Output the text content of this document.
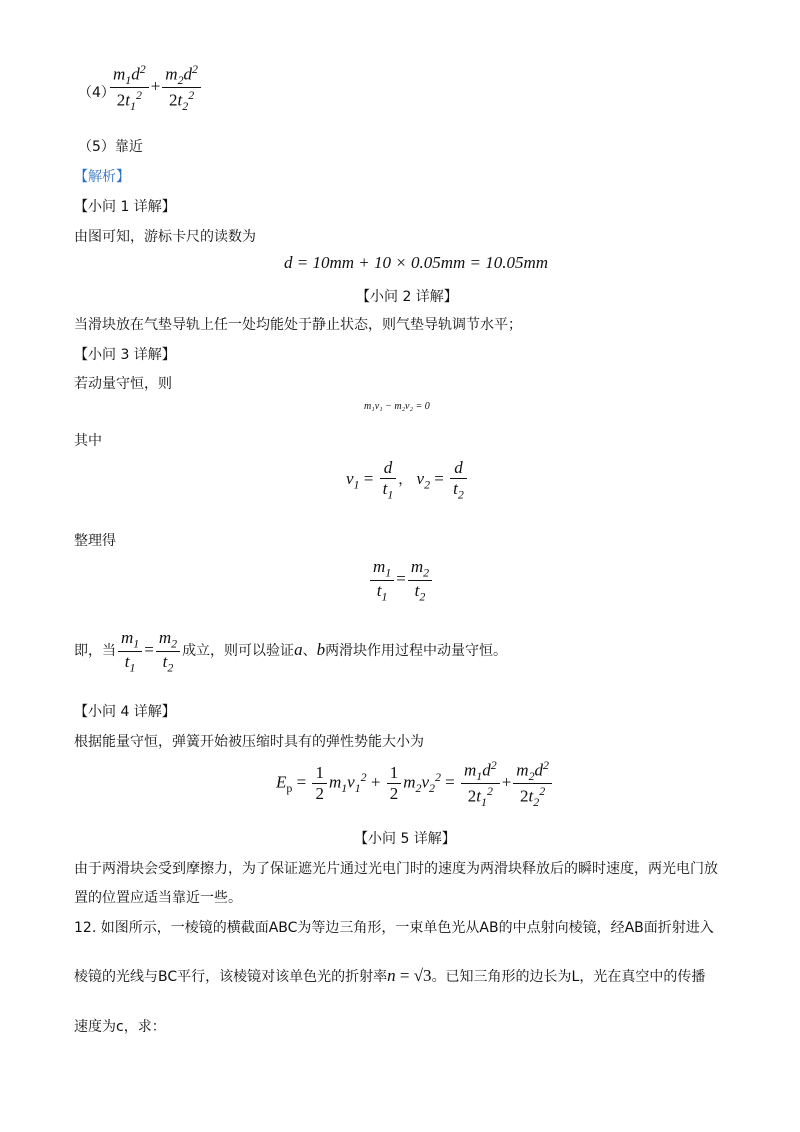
（4）
$\frac{m_1d^2}{2t_1^2} + \frac{m_2d^2}{2t_2^2}$
（5）靠近
【解析】
【小问 1 详解】
由图可知，游标卡尺的读数为
d = 10mm + 10 × 0.05mm = 10.05mm
【小问 2 详解】
当滑块放在气垫导轨上任一处均能处于静止状态，则气垫导轨调节水平；
【小问 3 详解】
若动量守恒，则
m₁v₁ − m₂v₂ = 0
其中
$v_1 = \frac{d}{t_1}$ ， $v_2 = \frac{d}{t_2}$
整理得
$\frac{m_1}{t_1} = \frac{m_2}{t_2}$
即，当 $\frac{m_1}{t_1} = \frac{m_2}{t_2}$ 成立，则可以验证a、b两滑块作用过程中动量守恒。
【小问 4 详解】
根据能量守恒，弹簧开始被压缩时具有的弹性势能大小为
$E_p = \frac{1}{2} m_1v_1^2 + \frac{1}{2} m_2v_2^2 = \frac{m_1d^2}{2t_1^2} + \frac{m_2d^2}{2t_2^2}$
【小问 5 详解】
由于两滑块会受到摩擦力，为了保证遮光片通过光电门时的速度为两滑块释放后的瞬时速度，两光电门放
置的位置应适当靠近一些。
12. 如图所示，一棱镜的横截面ABC为等边三角形，一束单色光从AB的中点射向棱镜，经AB面折射进入
棱镜的光线与BC平行，该棱镜对该单色光的折射率n = √3。已知三角形的边长为L，光在真空中的传播
速度为c，求：
